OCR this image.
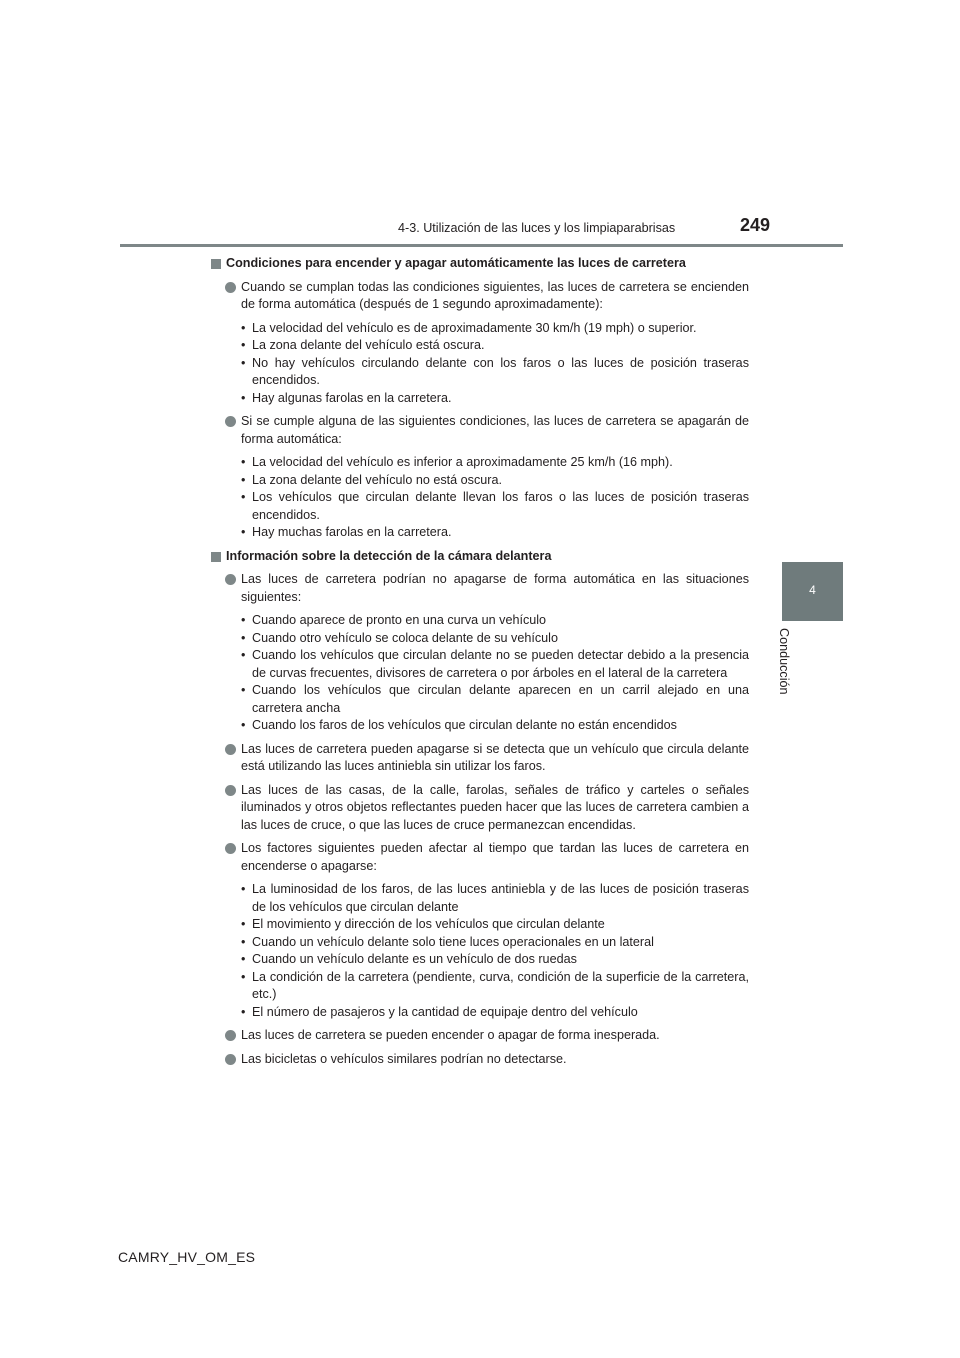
4-3. Utilización de las luces y los limpiaparabrisas	249
4
Conducción
Condiciones para encender y apagar automáticamente las luces de carretera
Cuando se cumplan todas las condiciones siguientes, las luces de carretera se encienden de forma automática (después de 1 segundo aproximadamente):
• La velocidad del vehículo es de aproximadamente 30 km/h (19 mph) o superior.
• La zona delante del vehículo está oscura.
• No hay vehículos circulando delante con los faros o las luces de posición traseras encendidos.
• Hay algunas farolas en la carretera.
Si se cumple alguna de las siguientes condiciones, las luces de carretera se apagarán de forma automática:
• La velocidad del vehículo es inferior a aproximadamente 25 km/h (16 mph).
• La zona delante del vehículo no está oscura.
• Los vehículos que circulan delante llevan los faros o las luces de posición traseras encendidos.
• Hay muchas farolas en la carretera.
Información sobre la detección de la cámara delantera
Las luces de carretera podrían no apagarse de forma automática en las situaciones siguientes:
• Cuando aparece de pronto en una curva un vehículo
• Cuando otro vehículo se coloca delante de su vehículo
• Cuando los vehículos que circulan delante no se pueden detectar debido a la presencia de curvas frecuentes, divisores de carretera o por árboles en el lateral de la carretera
• Cuando los vehículos que circulan delante aparecen en un carril alejado en una carretera ancha
• Cuando los faros de los vehículos que circulan delante no están encendidos
Las luces de carretera pueden apagarse si se detecta que un vehículo que circula delante está utilizando las luces antiniebla sin utilizar los faros.
Las luces de las casas, de la calle, farolas, señales de tráfico y carteles o señales iluminados y otros objetos reflectantes pueden hacer que las luces de carretera cambien a las luces de cruce, o que las luces de cruce permanezcan encendidas.
Los factores siguientes pueden afectar al tiempo que tardan las luces de carretera en encenderse o apagarse:
• La luminosidad de los faros, de las luces antiniebla y de las luces de posición traseras de los vehículos que circulan delante
• El movimiento y dirección de los vehículos que circulan delante
• Cuando un vehículo delante solo tiene luces operacionales en un lateral
• Cuando un vehículo delante es un vehículo de dos ruedas
• La condición de la carretera (pendiente, curva, condición de la superficie de la carretera, etc.)
• El número de pasajeros y la cantidad de equipaje dentro del vehículo
Las luces de carretera se pueden encender o apagar de forma inesperada.
Las bicicletas o vehículos similares podrían no detectarse.
CAMRY_HV_OM_ES
